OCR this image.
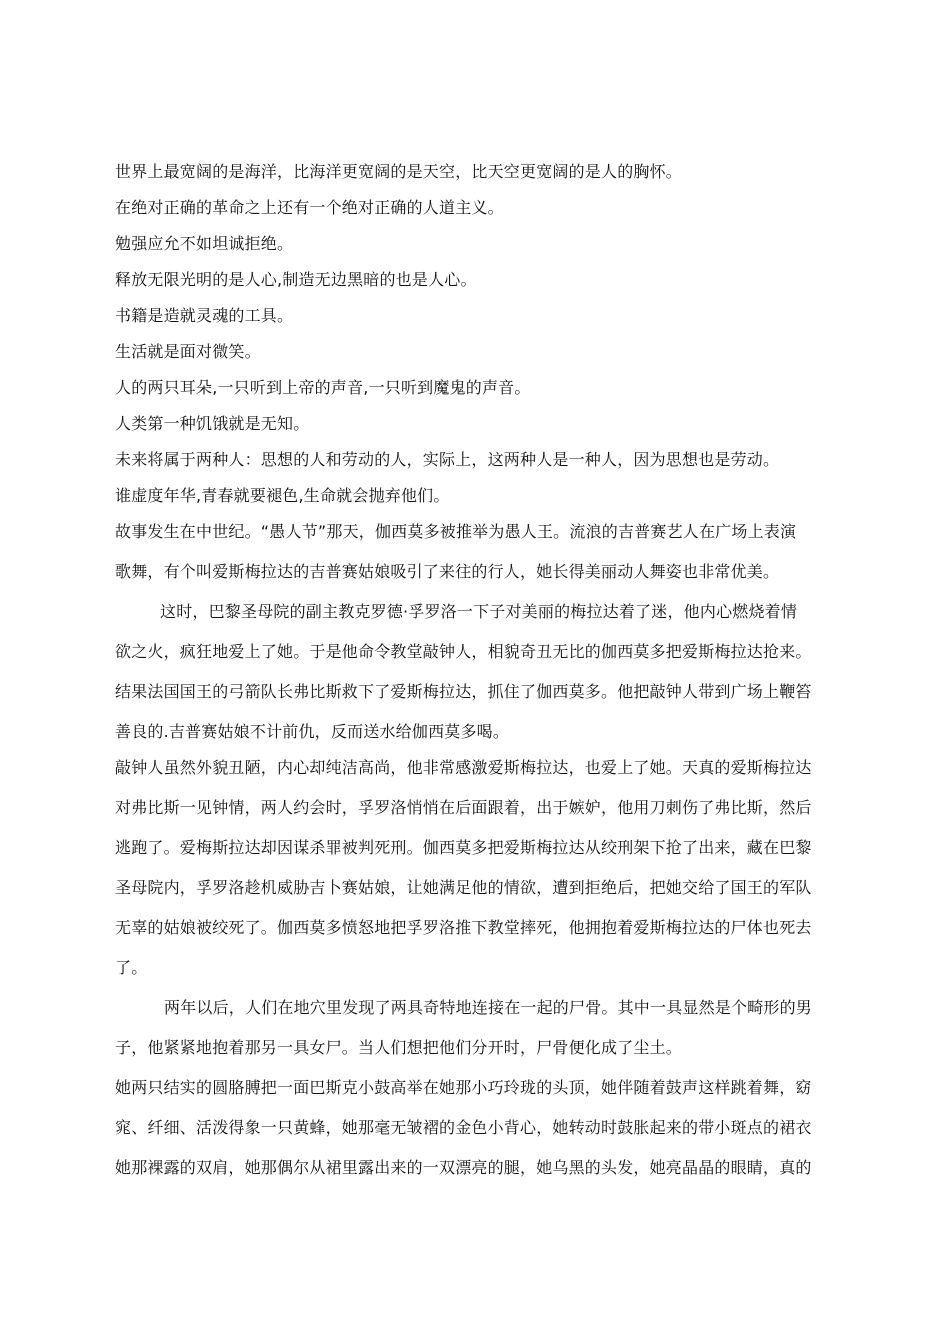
世界上最宽阔的是海洋，比海洋更宽阔的是天空，比天空更宽阔的是人的胸怀。
在绝对正确的革命之上还有一个绝对正确的人道主义。
勉强应允不如坦诚拒绝。
释放无限光明的是人心,制造无边黑暗的也是人心。
书籍是造就灵魂的工具。
生活就是面对微笑。
人的两只耳朵,一只听到上帝的声音,一只听到魔鬼的声音。
人类第一种饥饿就是无知。
未来将属于两种人：思想的人和劳动的人，实际上，这两种人是一种人，因为思想也是劳动。
谁虚度年华,青春就要褪色,生命就会抛弃他们。
故事发生在中世纪。“愚人节”那天，伽西莫多被推举为愚人王。流浪的吉普赛艺人在广场上表演
歌舞，有个叫爱斯梅拉达的吉普赛姑娘吸引了来往的行人，她长得美丽动人舞姿也非常优美。
这时，巴黎圣母院的副主教克罗德·孚罗洛一下子对美丽的梅拉达着了迷，他内心燃烧着情
欲之火，疯狂地爱上了她。于是他命令教堂敲钟人，相貌奇丑无比的伽西莫多把爱斯梅拉达抢来。
结果法国国王的弓箭队长弗比斯救下了爱斯梅拉达，抓住了伽西莫多。他把敲钟人带到广场上鞭笞
善良的.吉普赛姑娘不计前仇，反而送水给伽西莫多喝。
敲钟人虽然外貌丑陋，内心却纯洁高尚，他非常感激爱斯梅拉达，也爱上了她。天真的爱斯梅拉达
对弗比斯一见钟情，两人约会时，孚罗洛悄悄在后面跟着，出于嫉妒，他用刀刺伤了弗比斯，然后
逃跑了。爱梅斯拉达却因谋杀罪被判死刑。伽西莫多把爱斯梅拉达从绞刑架下抢了出来，藏在巴黎
圣母院内，孚罗洛趁机威胁吉卜赛姑娘，让她满足他的情欲，遭到拒绝后，把她交给了国王的军队
无辜的姑娘被绞死了。伽西莫多愤怒地把孚罗洛推下教堂摔死，他拥抱着爱斯梅拉达的尸体也死去
了。
两年以后，人们在地穴里发现了两具奇特地连接在一起的尸骨。其中一具显然是个畸形的男
子，他紧紧地抱着那另一具女尸。当人们想把他们分开时，尸骨便化成了尘土。
她两只结实的圆胳膊把一面巴斯克小鼓高举在她那小巧玲珑的头顶，她伴随着鼓声这样跳着舞，窈
窕、纤细、活泼得象一只黄蜂，她那毫无皱褶的金色小背心，她转动时鼓胀起来的带小斑点的裙衣
她那裸露的双肩，她那偶尔从裙里露出来的一双漂亮的腿，她乌黑的头发，她亮晶晶的眼睛，真的
